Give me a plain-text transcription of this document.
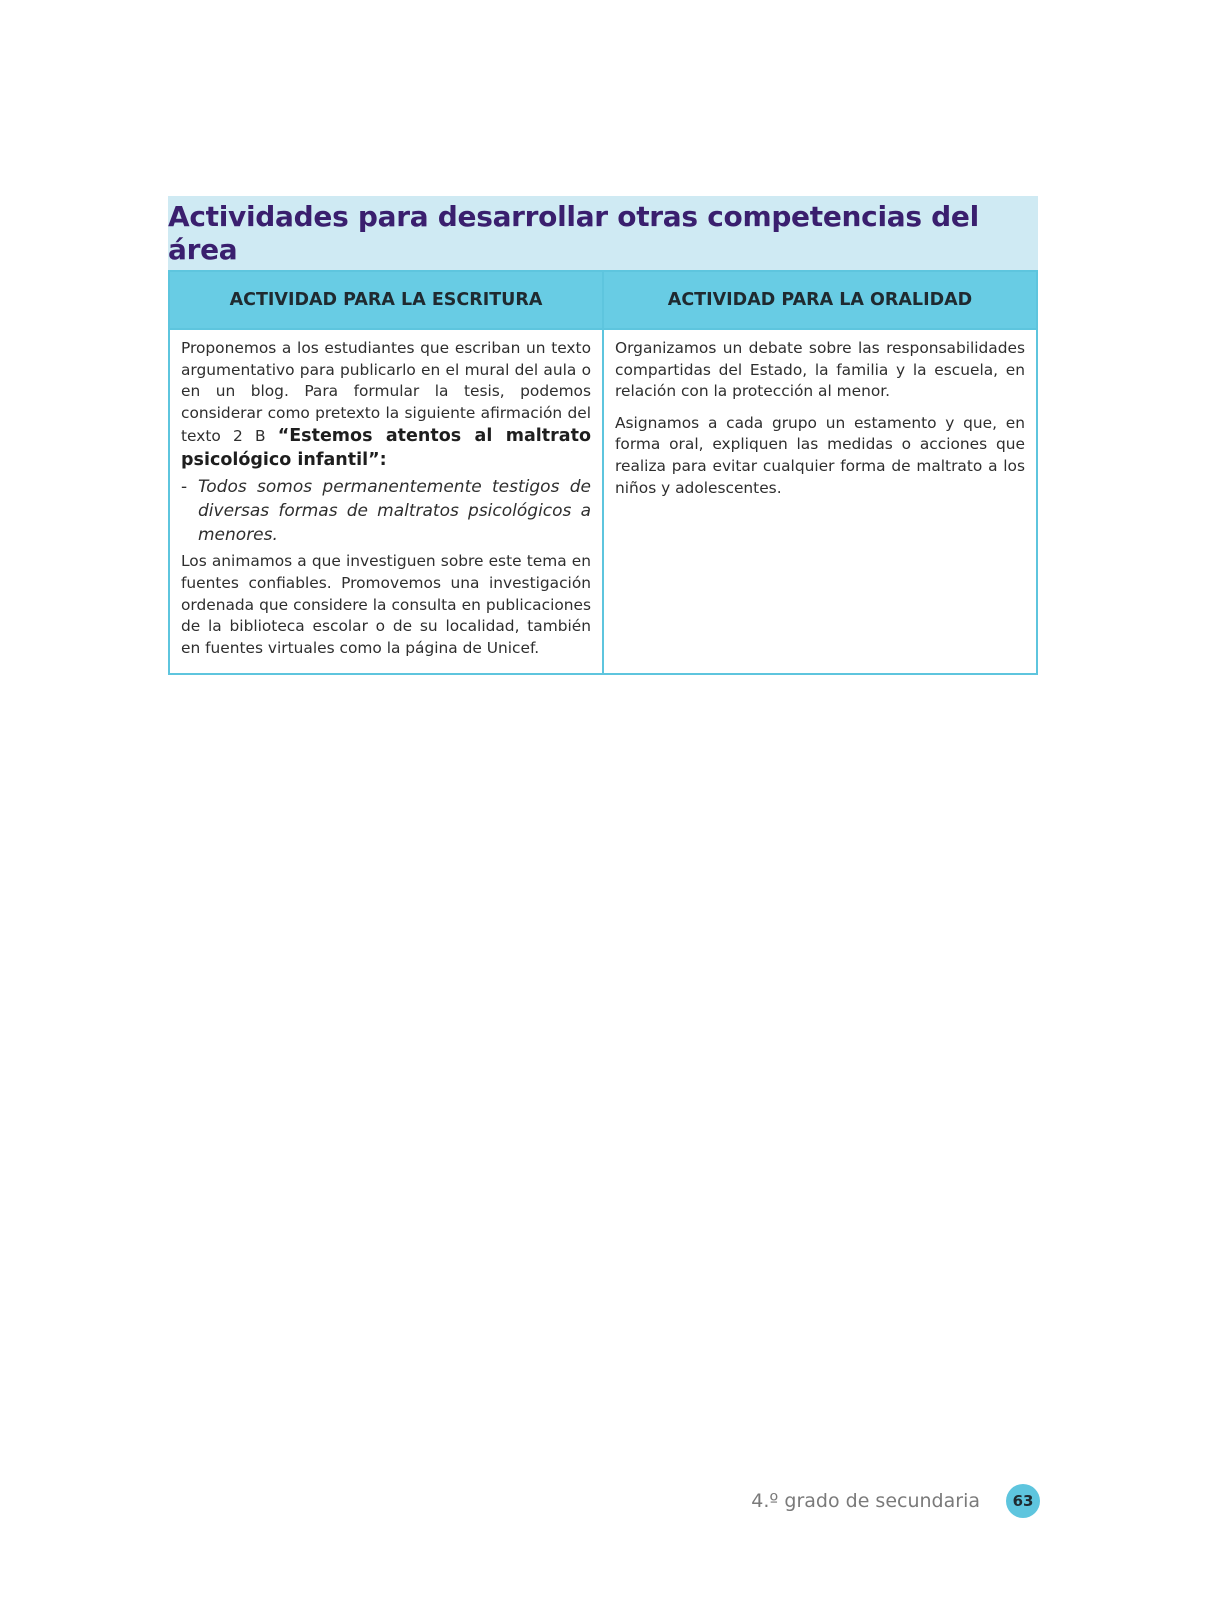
Actividades para desarrollar otras competencias del área
ACTIVIDAD PARA LA ESCRITURA	ACTIVIDAD PARA LA ORALIDAD

Proponemos a los estudiantes que escriban un texto argumentativo para publicarlo en el mural del aula o en un blog. Para formular la tesis, podemos considerar como pretexto la siguiente afirmación del texto 2 B “Estemos atentos al maltrato psicológico infantil”:

- Todos somos permanentemente testigos de diversas formas de maltratos psicológicos a menores.

Los animamos a que investiguen sobre este tema en fuentes confiables. Promovemos una investigación ordenada que considere la consulta en publicaciones de la biblioteca escolar o de su localidad, también en fuentes virtuales como la página de Unicef.

Organizamos un debate sobre las responsabilidades compartidas del Estado, la familia y la escuela, en relación con la protección al menor.

Asignamos a cada grupo un estamento y que, en forma oral, expliquen las medidas o acciones que realiza para evitar cualquier forma de maltrato a los niños y adolescentes.

4.º grado de secundaria	63
